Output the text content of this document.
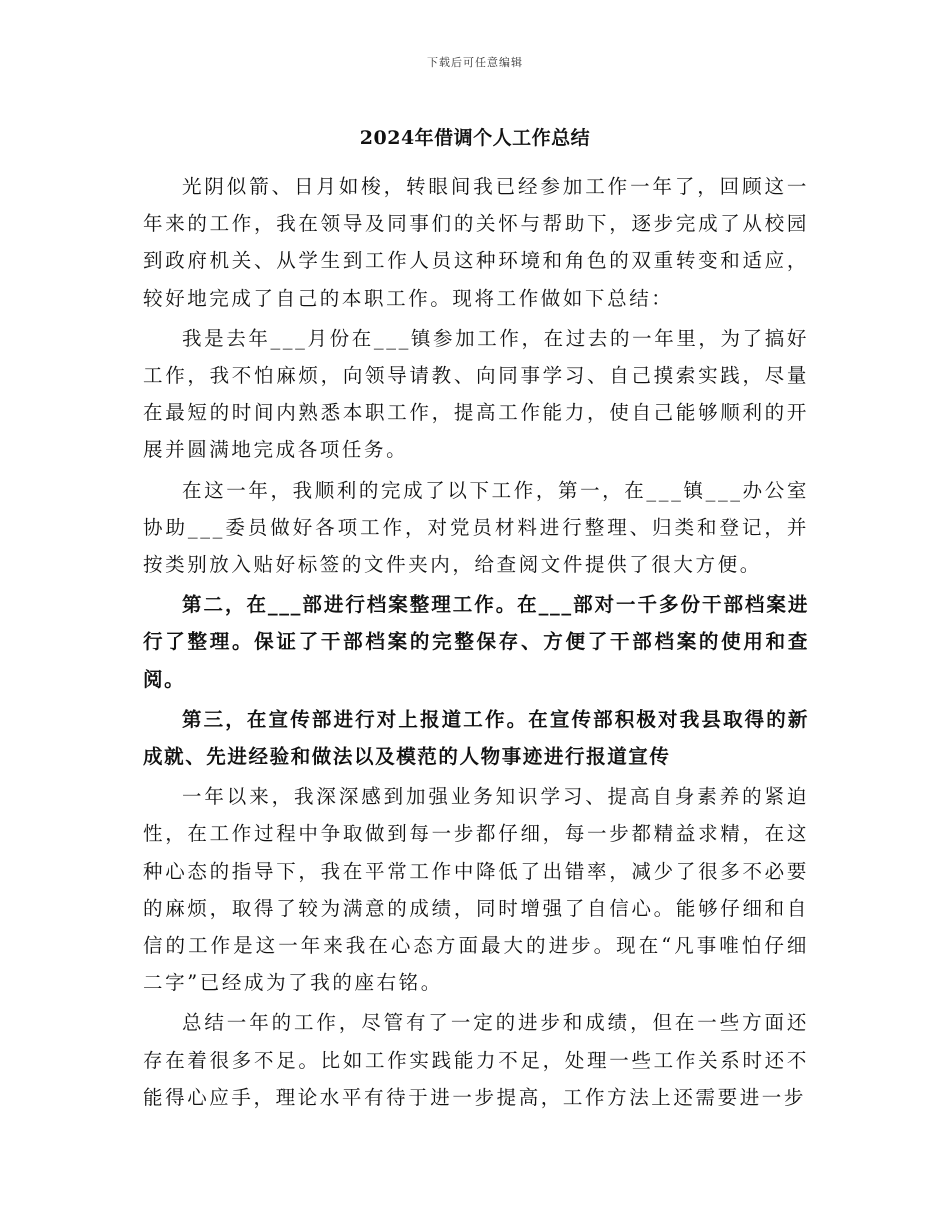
下载后可任意编辑
2024年借调个人工作总结

光阴似箭、日月如梭，转眼间我已经参加工作一年了，回顾这一年来的工作，我在领导及同事们的关怀与帮助下，逐步完成了从校园到政府机关、从学生到工作人员这种环境和角色的双重转变和适应，较好地完成了自己的本职工作。现将工作做如下总结：

我是去年___月份在___镇参加工作，在过去的一年里，为了搞好工作，我不怕麻烦，向领导请教、向同事学习、自己摸索实践，尽量在最短的时间内熟悉本职工作，提高工作能力，使自己能够顺利的开展并圆满地完成各项任务。

在这一年，我顺利的完成了以下工作，第一，在___镇___办公室协助___委员做好各项工作，对党员材料进行整理、归类和登记，并按类别放入贴好标签的文件夹内，给查阅文件提供了很大方便。

第二，在___部进行档案整理工作。在___部对一千多份干部档案进行了整理。保证了干部档案的完整保存、方便了干部档案的使用和查阅。

第三，在宣传部进行对上报道工作。在宣传部积极对我县取得的新成就、先进经验和做法以及模范的人物事迹进行报道宣传

一年以来，我深深感到加强业务知识学习、提高自身素养的紧迫性，在工作过程中争取做到每一步都仔细，每一步都精益求精，在这种心态的指导下，我在平常工作中降低了出错率，减少了很多不必要的麻烦，取得了较为满意的成绩，同时增强了自信心。能够仔细和自信的工作是这一年来我在心态方面最大的进步。现在“凡事唯怕仔细二字”已经成为了我的座右铭。

总结一年的工作，尽管有了一定的进步和成绩，但在一些方面还存在着很多不足。比如工作实践能力不足，处理一些工作关系时还不能得心应手，理论水平有待于进一步提高，工作方法上还需要进一步
